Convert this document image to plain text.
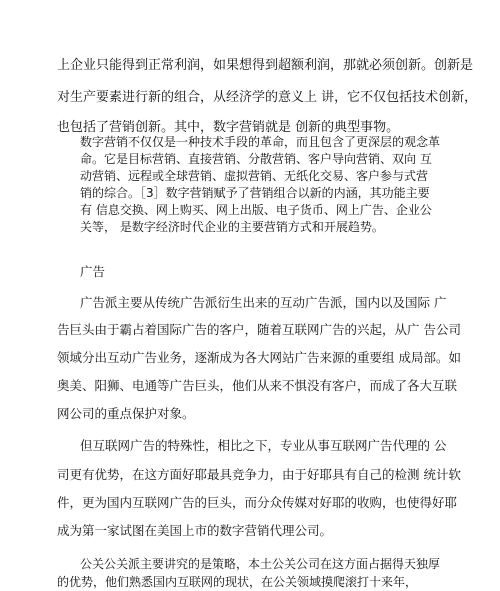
上企业只能得到正常利润，如果想得到超额利润，那就必须创新。创新是
对生产要素进行新的组合，从经济学的意义上 讲，它不仅包括技术创新，
也包括了营销创新。其中，数字营销就是 创新的典型事物。
数字营销不仅仅是一种技术手段的革命，而且包含了更深层的观念革
命。它是目标营销、直接营销、分散营销、客户导向营销、双向 互
动营销、远程或全球营销、虚拟营销、无纸化交易、客户参与式营
销的综合。［3］数字营销赋予了营销组合以新的内涵，其功能主要
有 信息交换、网上购买、网上出版、电子货币、网上广告、企业公
关等， 是数字经济时代企业的主要营销方式和开展趋势。
广告
广告派主要从传统广告派衍生出来的互动广告派，国内以及国际 广
告巨头由于霸占着国际广告的客户，随着互联网广告的兴起，从广 告公司
领域分出互动广告业务，逐渐成为各大网站广告来源的重要组 成局部。如
奥美、阳狮、电通等广告巨头，他们从来不惧没有客户，而成了各大互联
网公司的重点保护对象。
但互联网广告的特殊性，相比之下，专业从事互联网广告代理的 公
司更有优势，在这方面好耶最具竞争力，由于好耶具有自己的检测 统计软
件，更为国内互联网广告的巨头，而分众传媒对好耶的收购，也使得好耶
成为第一家试图在美国上市的数字营销代理公司。
公关公关派主要讲究的是策略，本土公关公司在这方面占据得天独厚
的优势，他们熟悉国内互联网的现状，在公关领域摸爬滚打十来年，
